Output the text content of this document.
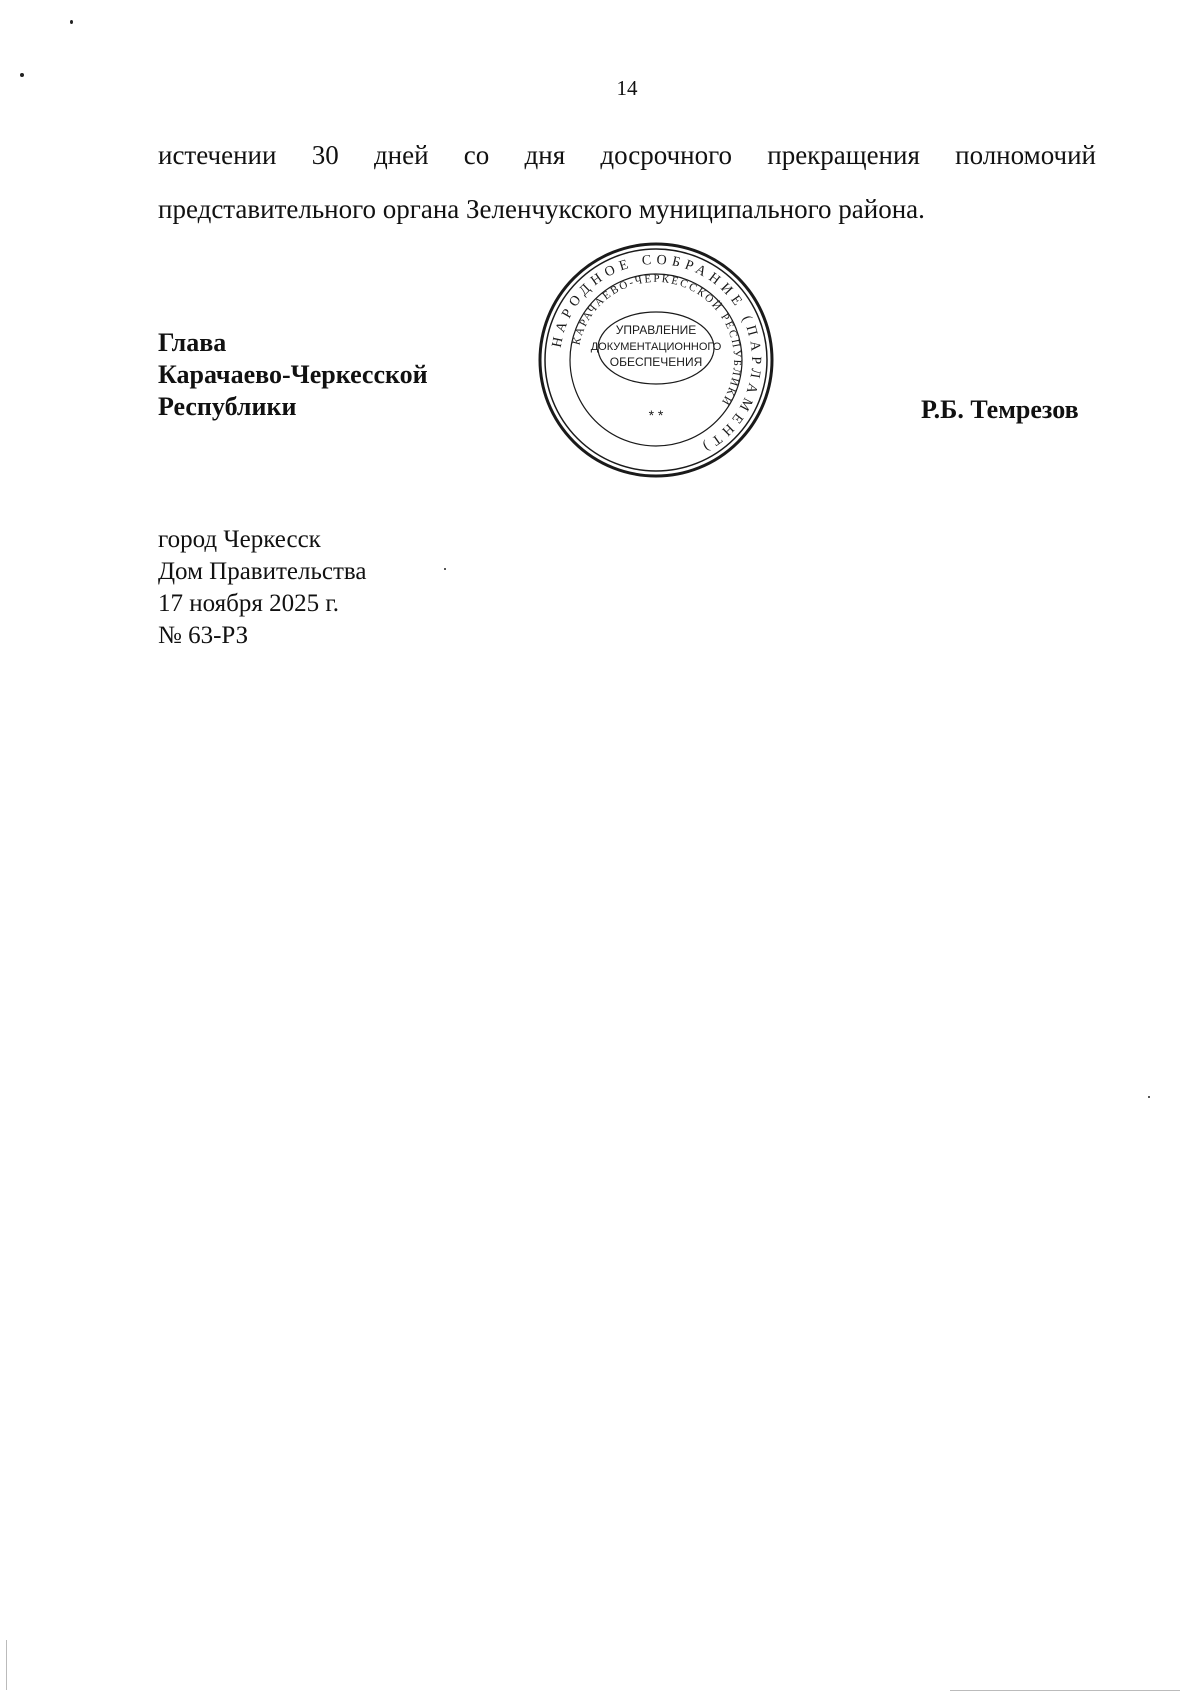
14
истечении 30 дней со дня досрочного прекращения полномочий
представительного органа Зеленчукского муниципального района.
Глава
Карачаево-Черкесской
Республики	Р.Б. Темрезов
НАРОДНОЕ СОБРАНИЕ (ПАРЛАМЕНТ)
КАРАЧАЕВО-ЧЕРКЕССКОЙ РЕСПУБЛИКИ
УПРАВЛЕНИЕ
ДОКУМЕНТАЦИОННОГО
ОБЕСПЕЧЕНИЯ
* *
город Черкесск
Дом Правительства
17 ноября 2025 г.
№ 63-РЗ
